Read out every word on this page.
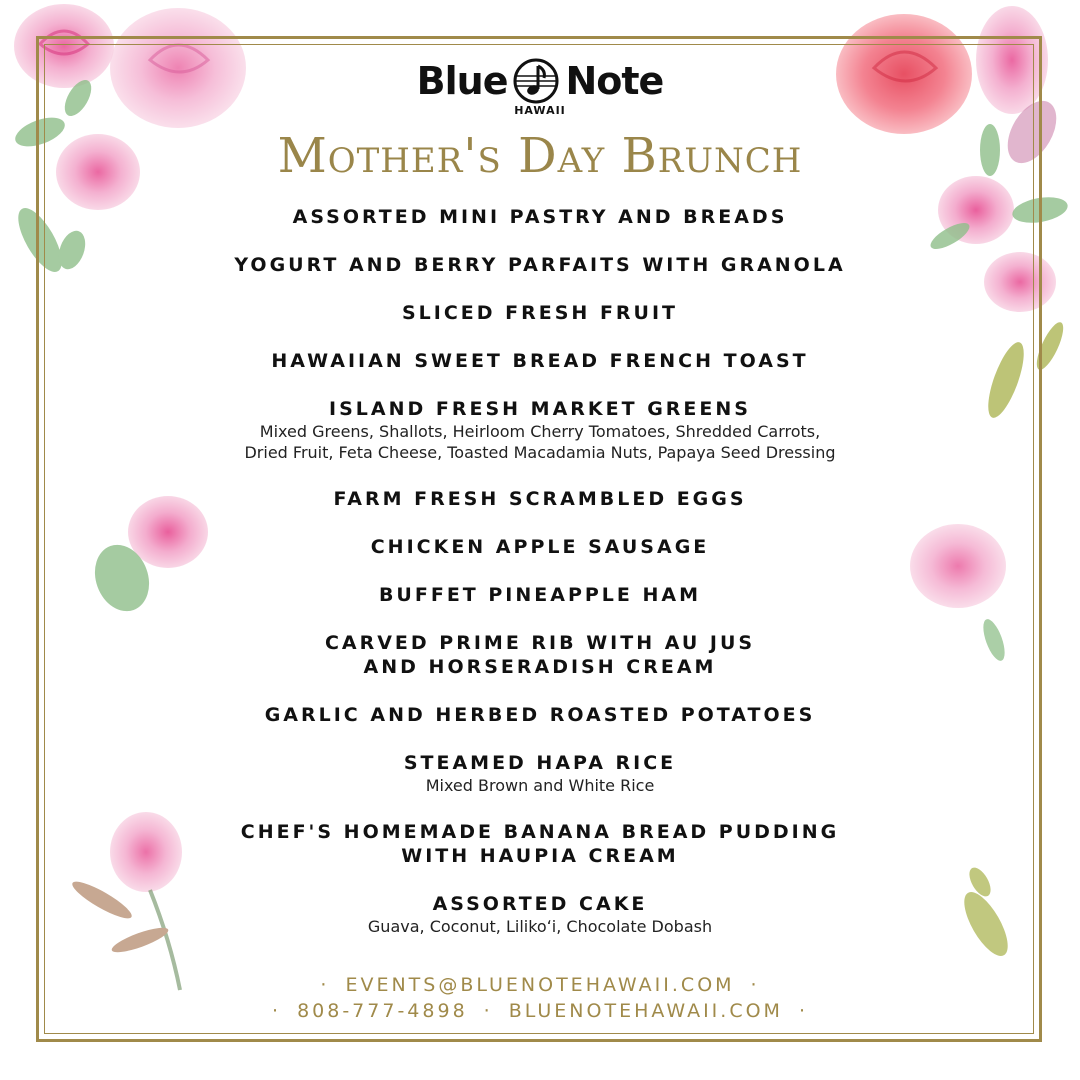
Blue Note
HAWAII
Mother's Day Brunch
ASSORTED MINI PASTRY AND BREADS
YOGURT AND BERRY PARFAITS WITH GRANOLA
SLICED FRESH FRUIT
HAWAIIAN SWEET BREAD FRENCH TOAST
ISLAND FRESH MARKET GREENS
Mixed Greens, Shallots, Heirloom Cherry Tomatoes, Shredded Carrots,
Dried Fruit, Feta Cheese, Toasted Macadamia Nuts, Papaya Seed Dressing
FARM FRESH SCRAMBLED EGGS
CHICKEN APPLE SAUSAGE
BUFFET PINEAPPLE HAM
CARVED PRIME RIB WITH AU JUS
AND HORSERADISH CREAM
GARLIC AND HERBED ROASTED POTATOES
STEAMED HAPA RICE
Mixed Brown and White Rice
CHEF'S HOMEMADE BANANA BREAD PUDDING
WITH HAUPIA CREAM
ASSORTED CAKE
Guava, Coconut, Lilikoʻi, Chocolate Dobash
· EVENTS@BLUENOTEHAWAII.COM ·
· 808-777-4898 · BLUENOTEHAWAII.COM ·
